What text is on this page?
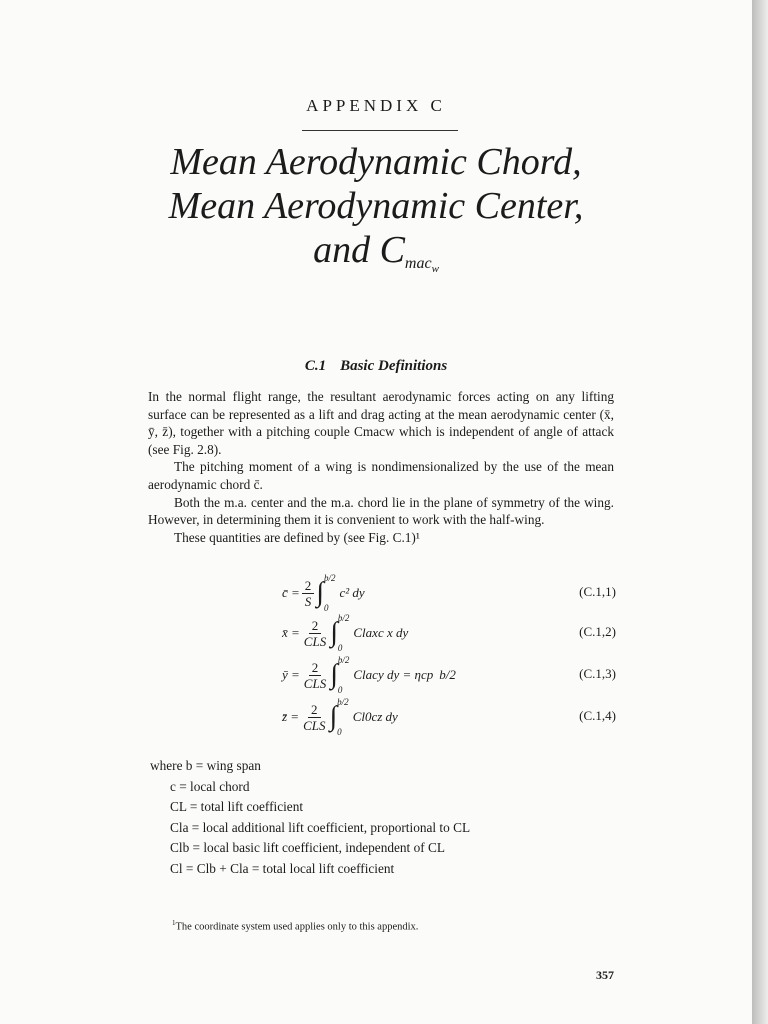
APPENDIX C
Mean Aerodynamic Chord,
Mean Aerodynamic Center,
and Cmac$_w$
C.1 Basic Definitions

In the normal flight range, the resultant aerodynamic forces acting on any lifting surface can be represented as a lift and drag acting at the mean aerodynamic center (x̄, ȳ, z̄), together with a pitching couple Cmacw which is independent of angle of attack (see Fig. 2.8).

The pitching moment of a wing is nondimensionalized by the use of the mean aerodynamic chord c̄.

Both the m.a. center and the m.a. chord lie in the plane of symmetry of the wing. However, in determining them it is convenient to work with the half-wing.

These quantities are defined by (see Fig. C.1)¹

c̄ = $\frac{2}{S}$ ∫ b/2
0
c² dy	(C.1,1)
x̄ = $\frac{2}{\text{CLS}}$ ∫ b/2
0
Claxc x dy	(C.1,2)
ȳ = $\frac{2}{\text{CLS}}$ ∫ b/2
0
Clacy dy = ηcp b/2	(C.1,3)
z̄ = $\frac{2}{\text{CLS}}$ ∫ b/2
0
Cl0cz dy	(C.1,4)
where b = wing span
c = local chord
CL = total lift coefficient
Cla = local additional lift coefficient, proportional to CL
Clb = local basic lift coefficient, independent of CL
Cl = Clb + Cla = total local lift coefficient
$^1$The coordinate system used applies only to this appendix.
357
